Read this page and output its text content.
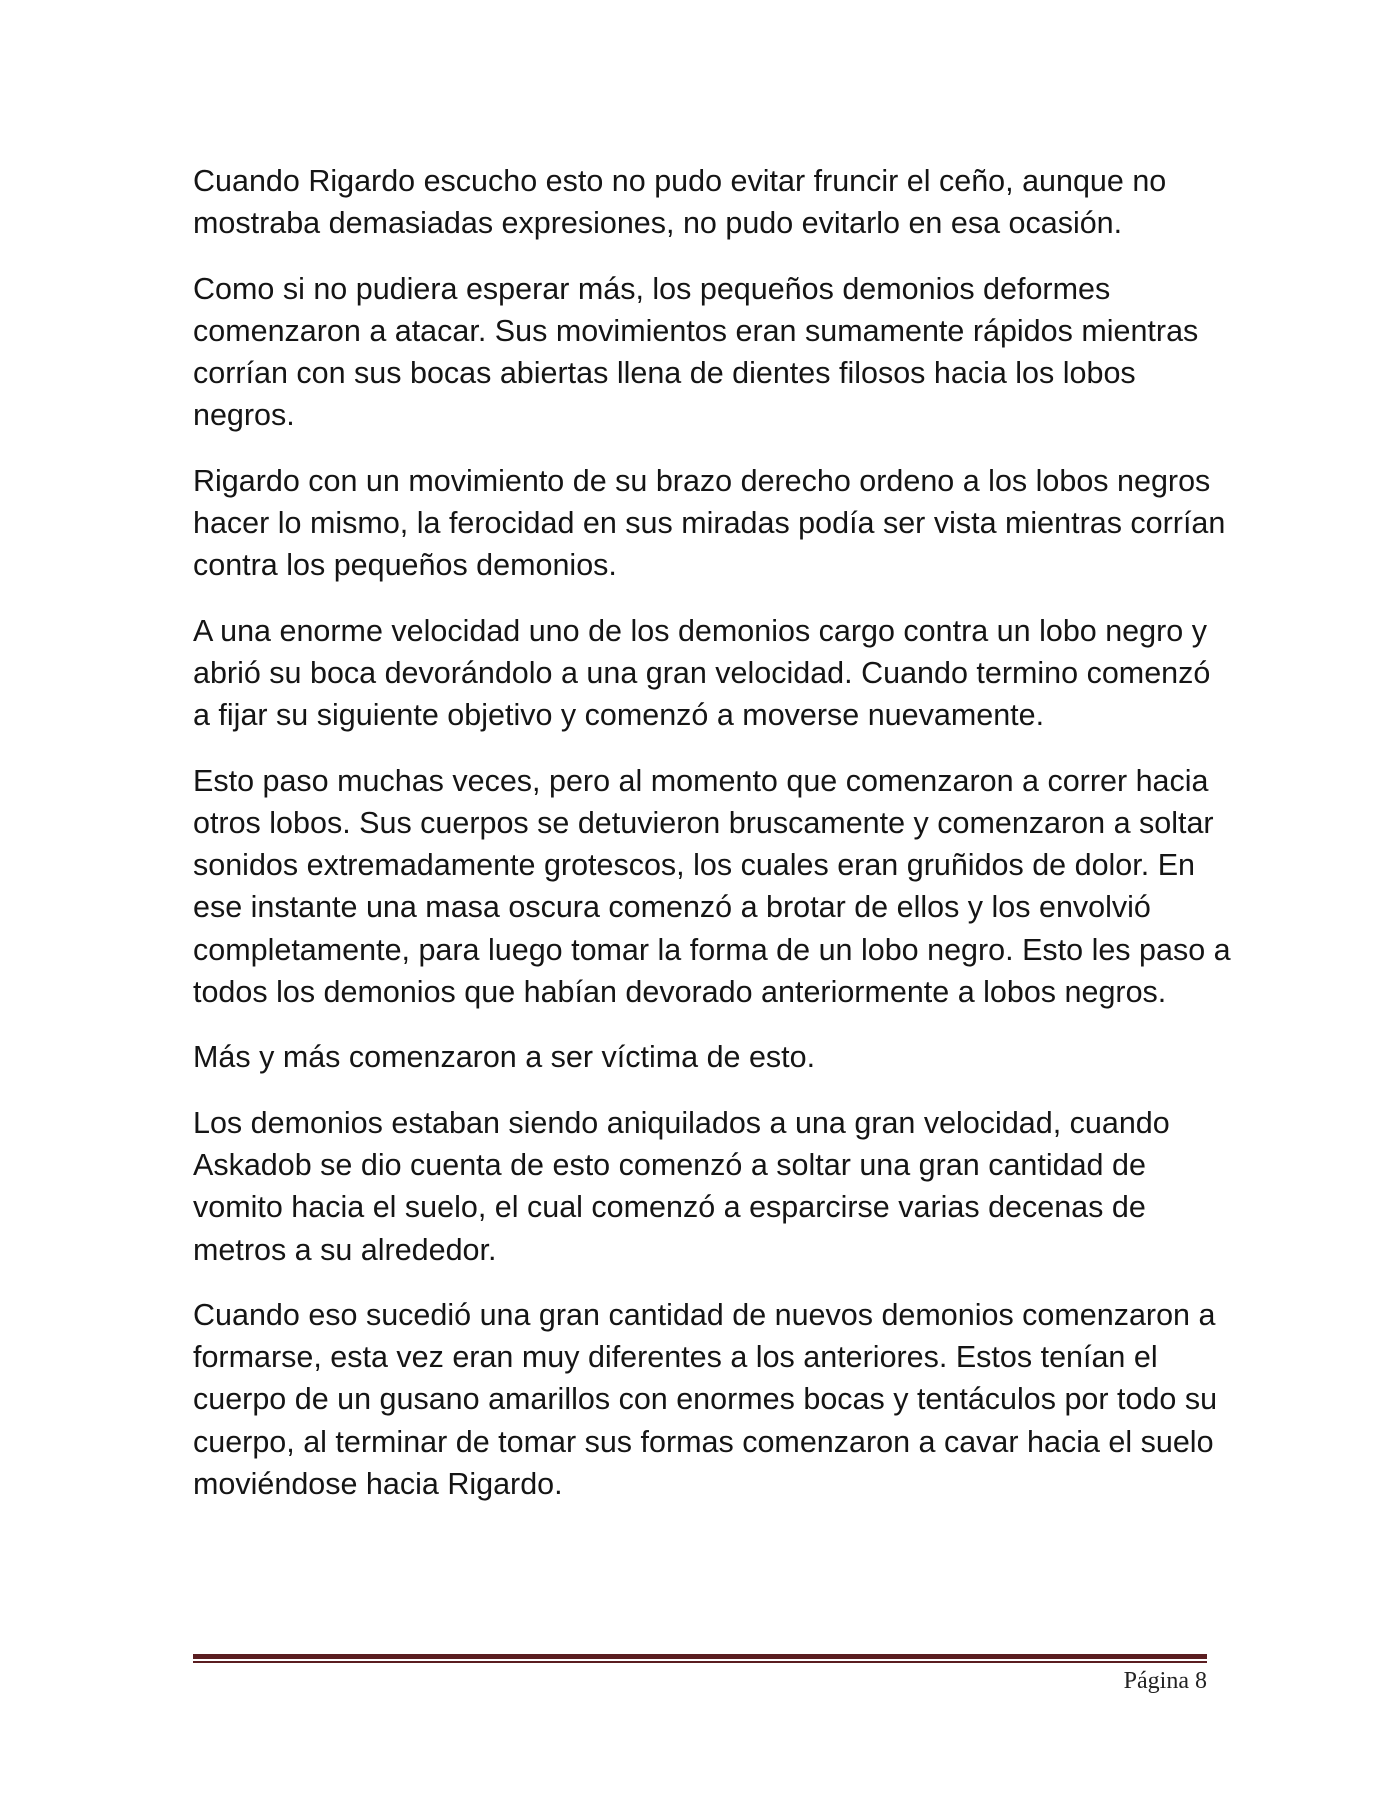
Cuando Rigardo escucho esto no pudo evitar fruncir el ceño, aunque no mostraba demasiadas expresiones, no pudo evitarlo en esa ocasión.

Como si no pudiera esperar más, los pequeños demonios deformes comenzaron a atacar. Sus movimientos eran sumamente rápidos mientras corrían con sus bocas abiertas llena de dientes filosos hacia los lobos negros.

Rigardo con un movimiento de su brazo derecho ordeno a los lobos negros hacer lo mismo, la ferocidad en sus miradas podía ser vista mientras corrían contra los pequeños demonios.

A una enorme velocidad uno de los demonios cargo contra un lobo negro y abrió su boca devorándolo a una gran velocidad. Cuando termino comenzó a fijar su siguiente objetivo y comenzó a moverse nuevamente.

Esto paso muchas veces, pero al momento que comenzaron a correr hacia otros lobos. Sus cuerpos se detuvieron bruscamente y comenzaron a soltar sonidos extremadamente grotescos, los cuales eran gruñidos de dolor. En ese instante una masa oscura comenzó a brotar de ellos y los envolvió completamente, para luego tomar la forma de un lobo negro. Esto les paso a todos los demonios que habían devorado anteriormente a lobos negros.

Más y más comenzaron a ser víctima de esto.

Los demonios estaban siendo aniquilados a una gran velocidad, cuando Askadob se dio cuenta de esto comenzó a soltar una gran cantidad de vomito hacia el suelo, el cual comenzó a esparcirse varias decenas de metros a su alrededor.

Cuando eso sucedió una gran cantidad de nuevos demonios comenzaron a formarse, esta vez eran muy diferentes a los anteriores. Estos tenían el cuerpo de un gusano amarillos con enormes bocas y tentáculos por todo su cuerpo, al terminar de tomar sus formas comenzaron a cavar hacia el suelo moviéndose hacia Rigardo.

Página 8
